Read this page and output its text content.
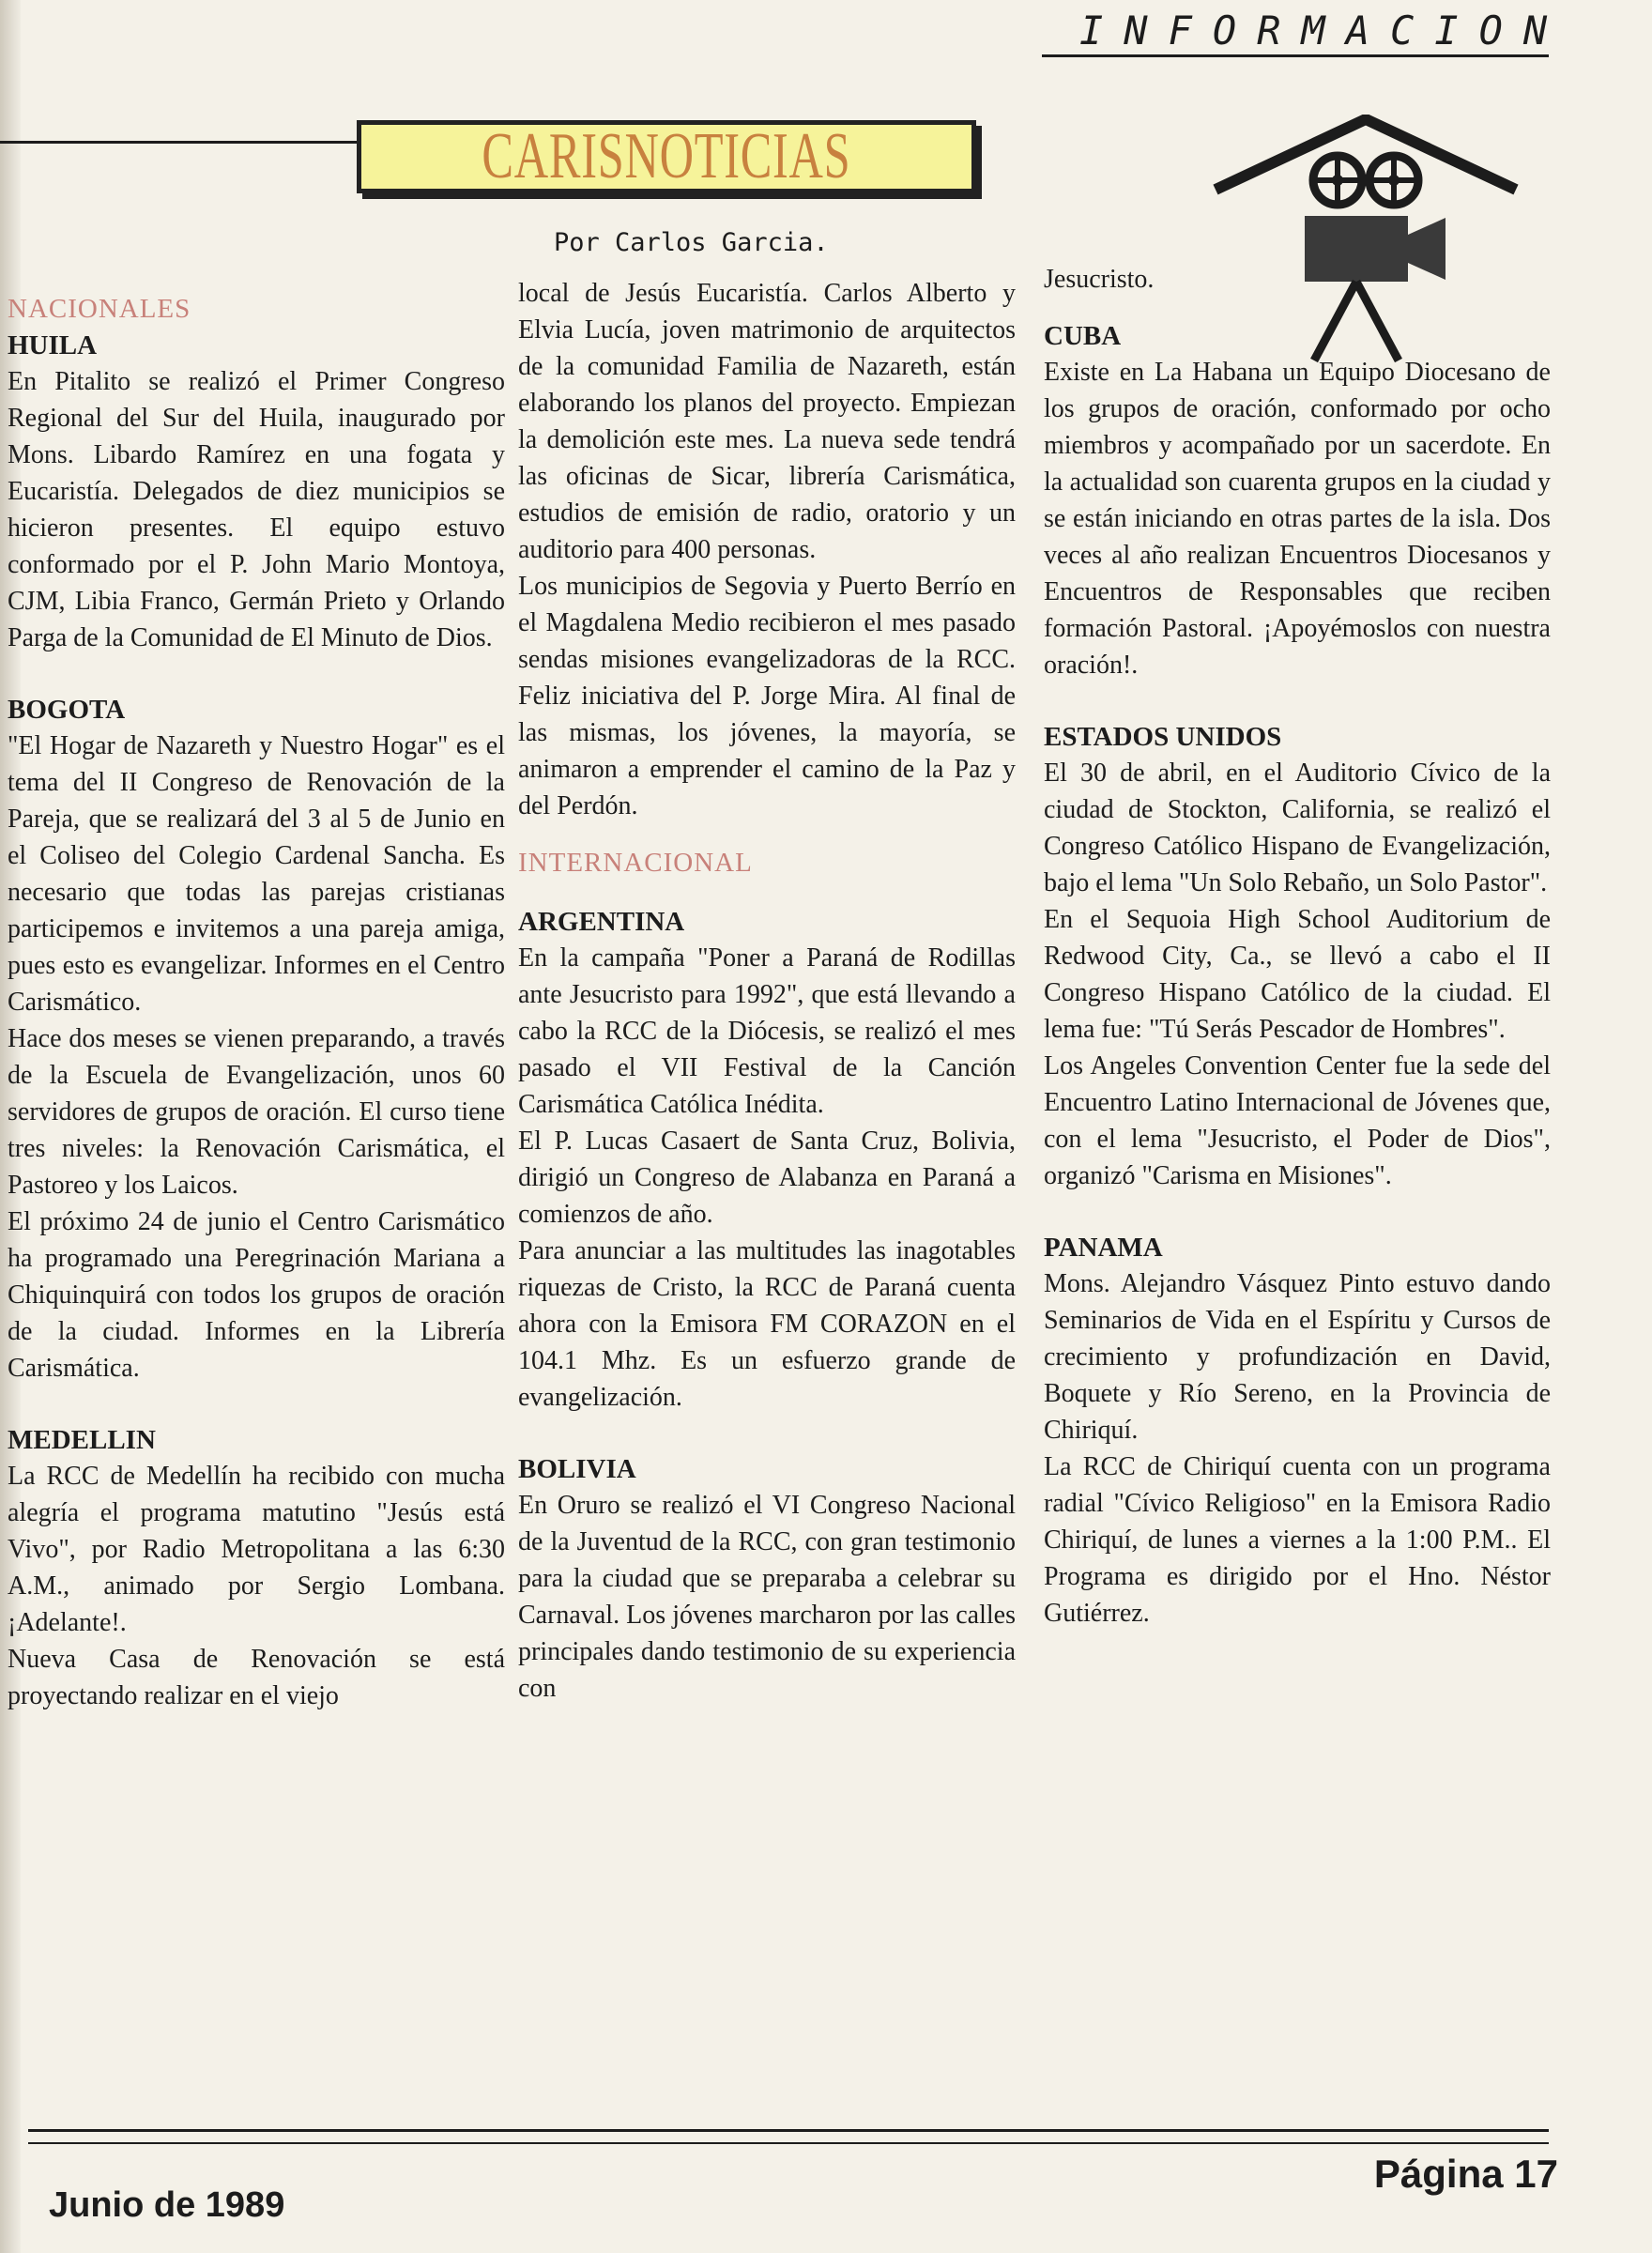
INFORMACION
CARISNOTICIAS
Por Carlos Garcia.

NACIONALES

HUILA

En Pitalito se realizó el Primer Congreso Regional del Sur del Huila, inaugurado por Mons. Libardo Ramírez en una fogata y Eucaristía. Delegados de diez municipios se hicieron presentes. El equipo estuvo conformado por el P. John Mario Montoya, CJM, Libia Franco, Germán Prieto y Orlando Parga de la Comunidad de El Minuto de Dios.

BOGOTA

"El Hogar de Nazareth y Nuestro Hogar" es el tema del II Congreso de Renovación de la Pareja, que se realizará del 3 al 5 de Junio en el Coliseo del Colegio Cardenal Sancha. Es necesario que todas las parejas cristianas participemos e invitemos a una pareja amiga, pues esto es evangelizar. Informes en el Centro Carismático.

Hace dos meses se vienen preparando, a través de la Escuela de Evangelización, unos 60 servidores de grupos de oración. El curso tiene tres niveles: la Renovación Carismática, el Pastoreo y los Laicos.

El próximo 24 de junio el Centro Carismático ha programado una Peregrinación Mariana a Chiquinquirá con todos los grupos de oración de la ciudad. Informes en la Librería Carismática.

MEDELLIN

La RCC de Medellín ha recibido con mucha alegría el programa matutino "Jesús está Vivo", por Radio Metropolitana a las 6:30 A.M., animado por Sergio Lombana. ¡Adelante!.

Nueva Casa de Renovación se está proyectando realizar en el viejo

local de Jesús Eucaristía. Carlos Alberto y Elvia Lucía, joven matrimonio de arquitectos de la comunidad Familia de Nazareth, están elaborando los planos del proyecto. Empiezan la demolición este mes. La nueva sede tendrá las oficinas de Sicar, librería Carismática, estudios de emisión de radio, oratorio y un auditorio para 400 personas.

Los municipios de Segovia y Puerto Berrío en el Magdalena Medio recibieron el mes pasado sendas misiones evangelizadoras de la RCC. Feliz iniciativa del P. Jorge Mira. Al final de las mismas, los jóvenes, la mayoría, se animaron a emprender el camino de la Paz y del Perdón.

INTERNACIONAL

ARGENTINA

En la campaña "Poner a Paraná de Rodillas ante Jesucristo para 1992", que está llevando a cabo la RCC de la Diócesis, se realizó el mes pasado el VII Festival de la Canción Carismática Católica Inédita.

El P. Lucas Casaert de Santa Cruz, Bolivia, dirigió un Congreso de Alabanza en Paraná a comienzos de año.

Para anunciar a las multitudes las inagotables riquezas de Cristo, la RCC de Paraná cuenta ahora con la Emisora FM CORAZON en el 104.1 Mhz. Es un esfuerzo grande de evangelización.

BOLIVIA

En Oruro se realizó el VI Congreso Nacional de la Juventud de la RCC, con gran testimonio para la ciudad que se preparaba a celebrar su Carnaval. Los jóvenes marcharon por las calles principales dando testimonio de su experiencia con

Jesucristo.

CUBA

Existe en La Habana un Equipo Diocesano de los grupos de oración, conformado por ocho miembros y acompañado por un sacerdote. En la actualidad son cuarenta grupos en la ciudad y se están iniciando en otras partes de la isla. Dos veces al año realizan Encuentros Diocesanos y Encuentros de Responsables que reciben formación Pastoral. ¡Apoyémoslos con nuestra oración!.

ESTADOS UNIDOS

El 30 de abril, en el Auditorio Cívico de la ciudad de Stockton, California, se realizó el Congreso Católico Hispano de Evangelización, bajo el lema "Un Solo Rebaño, un Solo Pastor".

En el Sequoia High School Auditorium de Redwood City, Ca., se llevó a cabo el II Congreso Hispano Católico de la ciudad. El lema fue: "Tú Serás Pescador de Hombres".

Los Angeles Convention Center fue la sede del Encuentro Latino Internacional de Jóvenes que, con el lema "Jesucristo, el Poder de Dios", organizó "Carisma en Misiones".

PANAMA

Mons. Alejandro Vásquez Pinto estuvo dando Seminarios de Vida en el Espíritu y Cursos de crecimiento y profundización en David, Boquete y Río Sereno, en la Provincia de Chiriquí.

La RCC de Chiriquí cuenta con un programa radial "Cívico Religioso" en la Emisora Radio Chiriquí, de lunes a viernes a la 1:00 P.M.. El Programa es dirigido por el Hno. Néstor Gutiérrez.

Junio de 1989
Página 17
